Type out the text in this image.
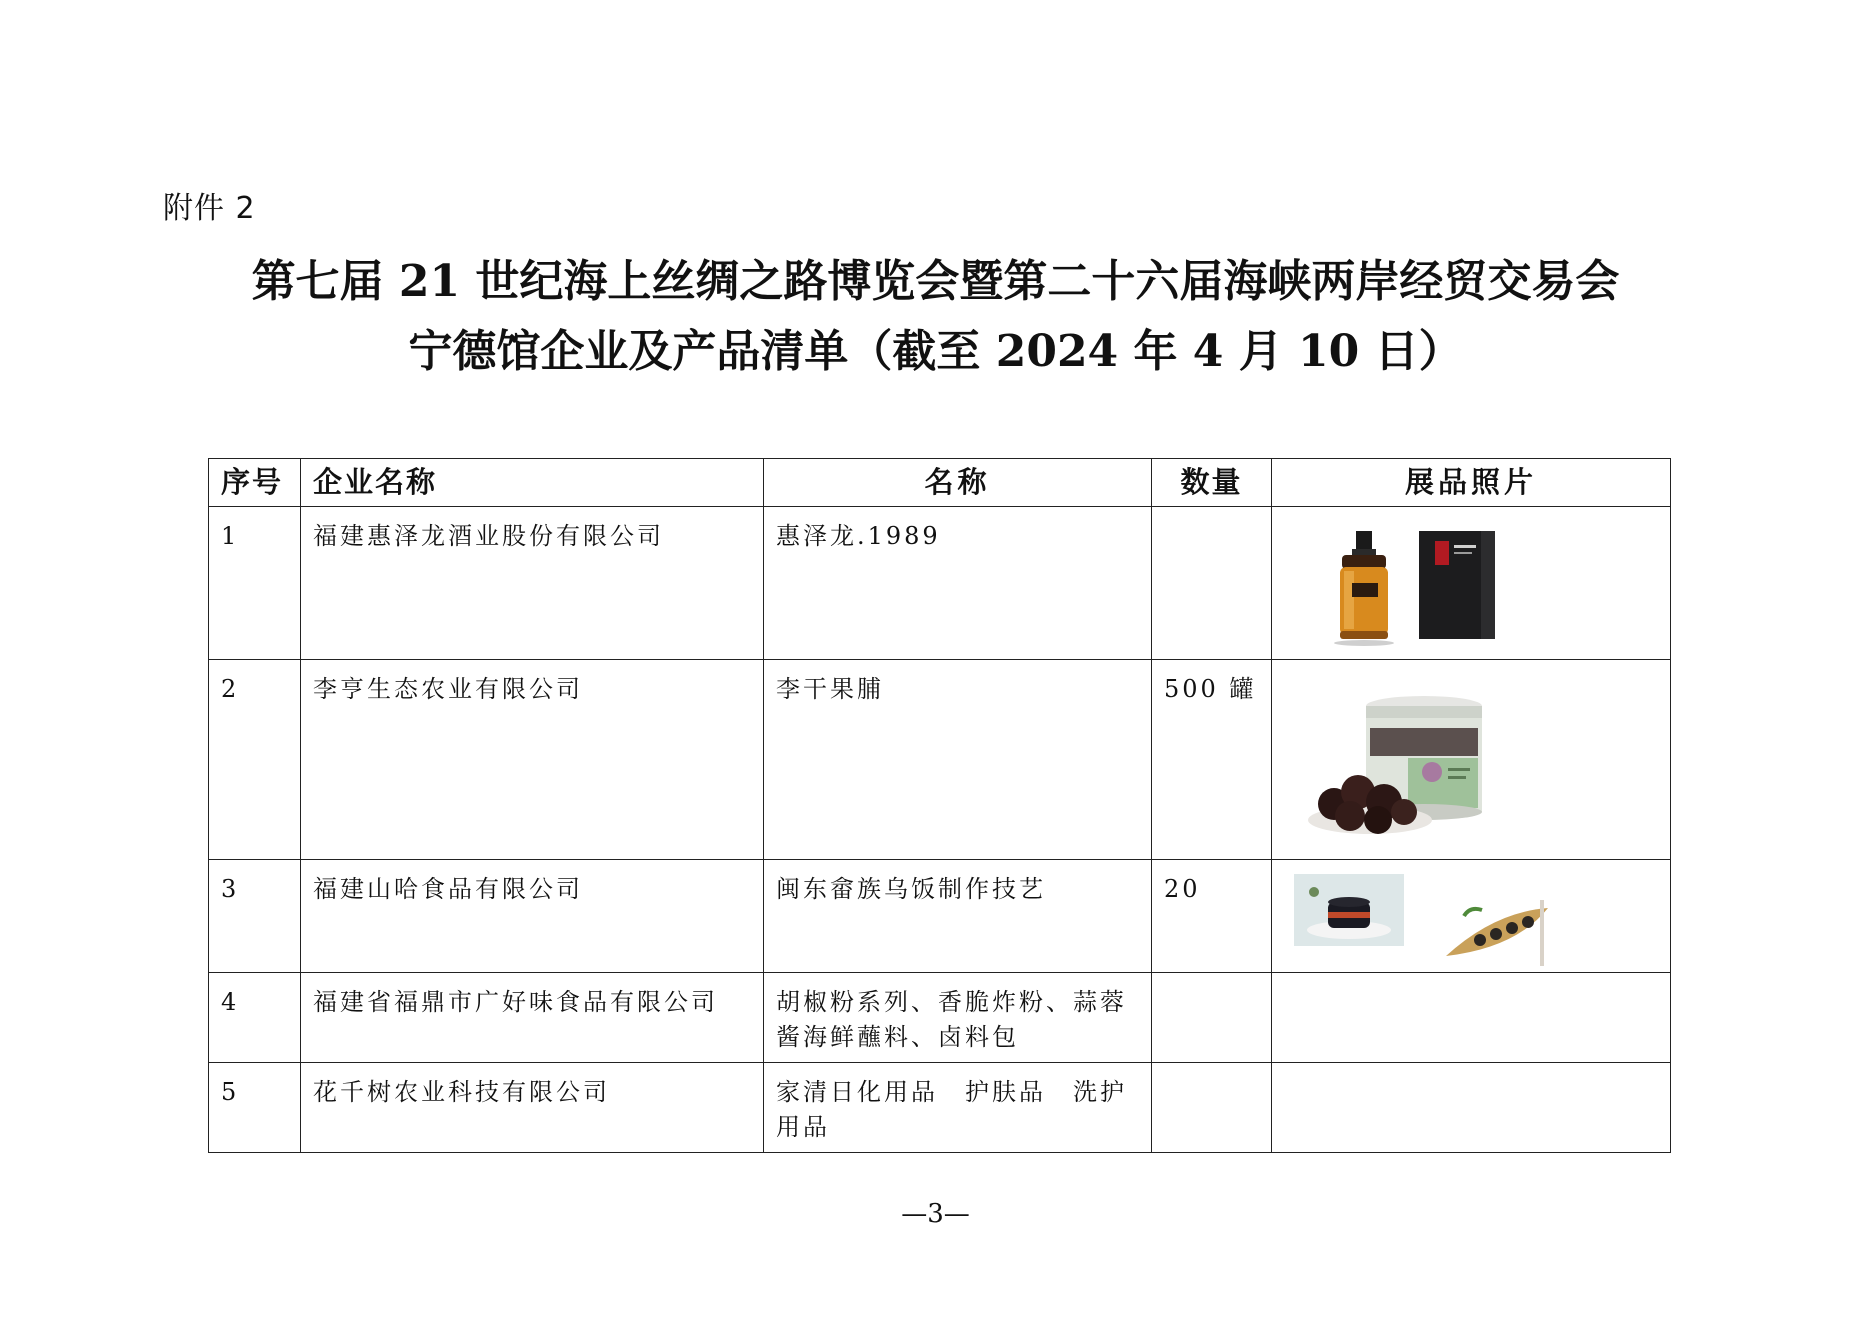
附件 2
第七届 21 世纪海上丝绸之路博览会暨第二十六届海峡两岸经贸交易会
宁德馆企业及产品清单（截至 2024 年 4 月 10 日）
序号	企业名称	名称	数量	展品照片
1	福建惠泽龙酒业股份有限公司	惠泽龙.1989		
2	李亨生态农业有限公司	李干果脯	500 罐	
3	福建山哈食品有限公司	闽东畲族乌饭制作技艺	20	
4	福建省福鼎市广好味食品有限公司	胡椒粉系列、香脆炸粉、蒜蓉酱海鲜蘸料、卤料包		
5	花千树农业科技有限公司	家清日化用品　护肤品　洗护用品		
—3—
